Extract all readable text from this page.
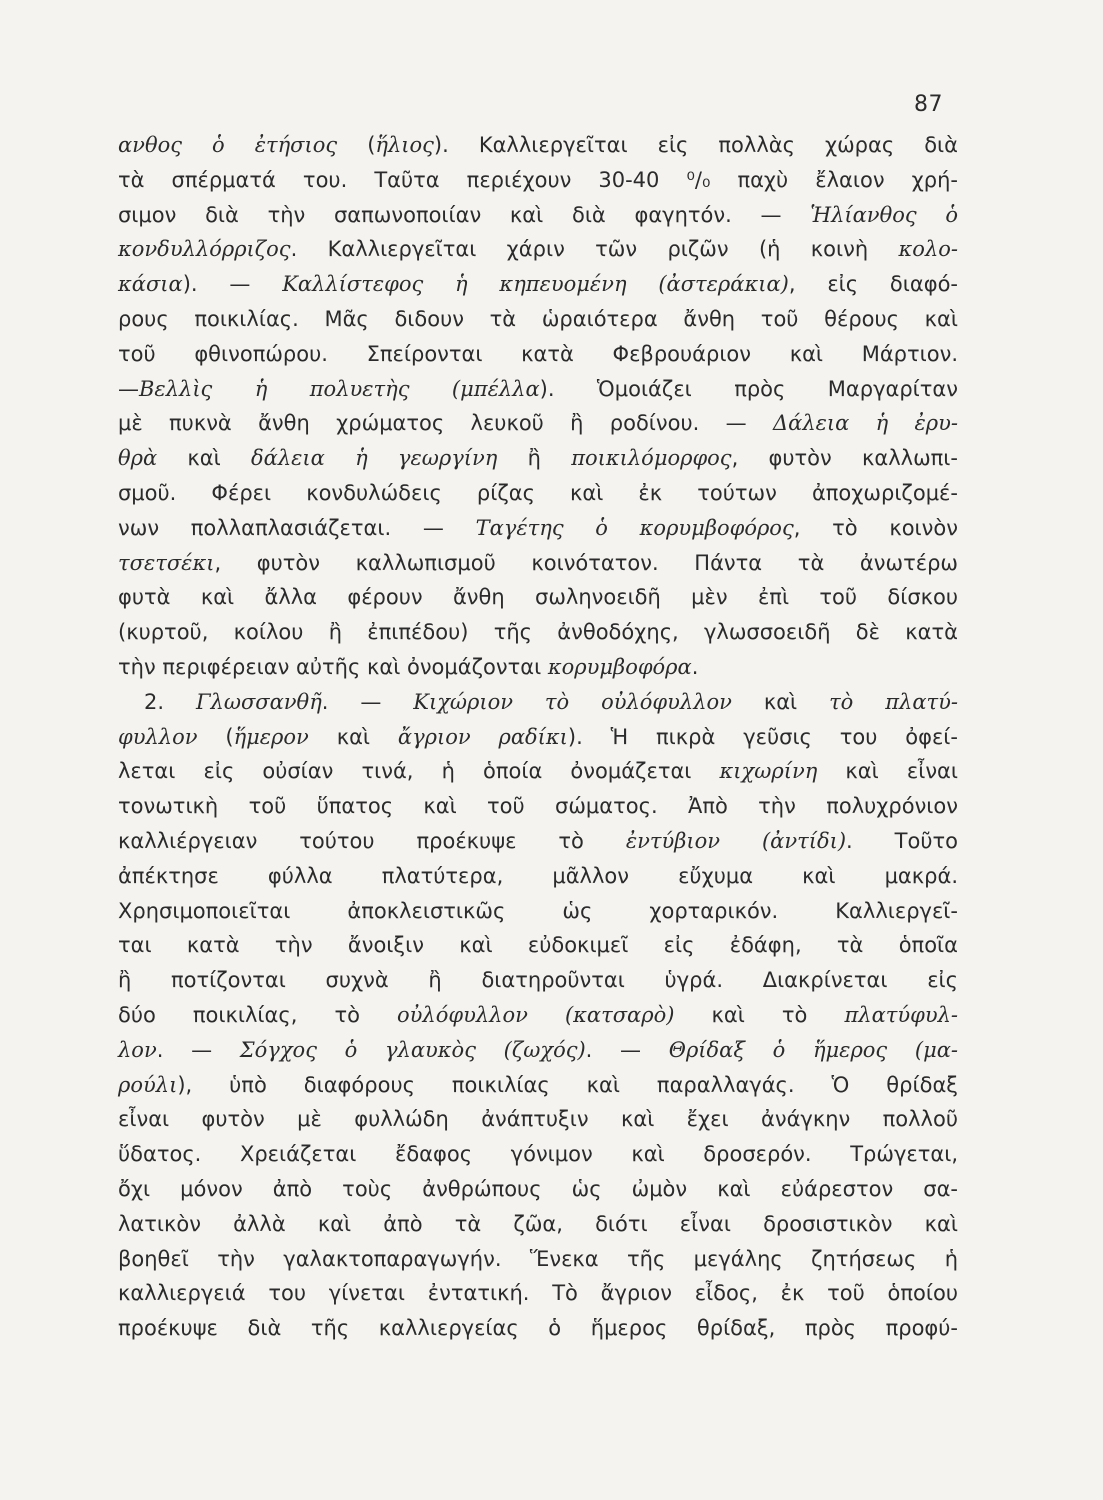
87
ανθος ὁ ἐτήσιος (ἥλιος). Καλλιεργεῖται εἰς πολλὰς χώρας διὰ
τὰ σπέρματά του. Ταῦτα περιέχουν 30-40 ⁰/₀ παχὺ ἔλαιον χρή-
σιμον διὰ τὴν σαπωνοποιίαν καὶ διὰ φαγητόν. — Ἡλίανθος ὁ
κονδυλλόρριζος. Καλλιεργεῖται χάριν τῶν ριζῶν (ἡ κοινὴ κολο-
κάσια). — Καλλίστεφος ἡ κηπευομένη (ἀστεράκια), εἰς διαφό-
ρους ποικιλίας. Μᾶς διδουν τὰ ὡραιότερα ἄνθη τοῦ θέρους καὶ
τοῦ φθινοπώρου. Σπείρονται κατὰ Φεβρουάριον καὶ Μάρτιον.
—Βελλὶς ἡ πολυετὴς (μπέλλα). Ὁμοιάζει πρὸς Μαργαρίταν
μὲ πυκνὰ ἄνθη χρώματος λευκοῦ ἢ ροδίνου. — Δάλεια ἡ ἐρυ-
θρὰ καὶ δάλεια ἡ γεωργίνη ἢ ποικιλόμορφος, φυτὸν καλλωπι-
σμοῦ. Φέρει κονδυλώδεις ρίζας καὶ ἐκ τούτων ἀποχωριζομέ-
νων πολλαπλασιάζεται. — Ταγέτης ὁ κορυμβοφόρος, τὸ κοινὸν
τσετσέκι, φυτὸν καλλωπισμοῦ κοινότατον. Πάντα τὰ ἀνωτέρω
φυτὰ καὶ ἄλλα φέρουν ἄνθη σωληνοειδῆ μὲν ἐπὶ τοῦ δίσκου
(κυρτοῦ, κοίλου ἢ ἐπιπέδου) τῆς ἀνθοδόχης, γλωσσοειδῆ δὲ κατὰ
τὴν περιφέρειαν αὐτῆς καὶ ὀνομάζονται κορυμβοφόρα.
2. Γλωσσανθῆ. — Κιχώριον τὸ οὐλόφυλλον καὶ τὸ πλατύ-
φυλλον (ἥμερον καὶ ἄγριον ραδίκι). Ἡ πικρὰ γεῦσις του ὀφεί-
λεται εἰς οὐσίαν τινά, ἡ ὁποία ὀνομάζεται κιχωρίνη καὶ εἶναι
τονωτικὴ τοῦ ὕπατος καὶ τοῦ σώματος. Ἀπὸ τὴν πολυχρόνιον
καλλιέργειαν τούτου προέκυψε τὸ ἐντύβιον (ἀντίδι). Τοῦτο
ἀπέκτησε φύλλα πλατύτερα, μᾶλλον εὔχυμα καὶ μακρά.
Χρησιμοποιεῖται ἀποκλειστικῶς ὡς χορταρικόν. Καλλιεργεῖ-
ται κατὰ τὴν ἄνοιξιν καὶ εὐδοκιμεῖ εἰς ἐδάφη, τὰ ὁποῖα
ἢ ποτίζονται συχνὰ ἢ διατηροῦνται ὑγρά. Διακρίνεται εἰς
δύο ποικιλίας, τὸ οὐλόφυλλον (κατσαρὸ) καὶ τὸ πλατύφυλ-
λον. — Σόγχος ὁ γλαυκὸς (ζωχός). — Θρίδαξ ὁ ἥμερος (μα-
ρούλι), ὑπὸ διαφόρους ποικιλίας καὶ παραλλαγάς. Ὁ θρίδαξ
εἶναι φυτὸν μὲ φυλλώδη ἀνάπτυξιν καὶ ἔχει ἀνάγκην πολλοῦ
ὕδατος. Χρειάζεται ἔδαφος γόνιμον καὶ δροσερόν. Τρώγεται,
ὄχι μόνον ἀπὸ τοὺς ἀνθρώπους ὡς ὠμὸν καὶ εὐάρεστον σα-
λατικὸν ἀλλὰ καὶ ἀπὸ τὰ ζῶα, διότι εἶναι δροσιστικὸν καὶ
βοηθεῖ τὴν γαλακτοπαραγωγήν. Ἕνεκα τῆς μεγάλης ζητήσεως ἡ
καλλιεργειά του γίνεται ἐντατική. Τὸ ἄγριον εἶδος, ἐκ τοῦ ὁποίου
προέκυψε διὰ τῆς καλλιεργείας ὁ ἥμερος θρίδαξ, πρὸς προφύ-
